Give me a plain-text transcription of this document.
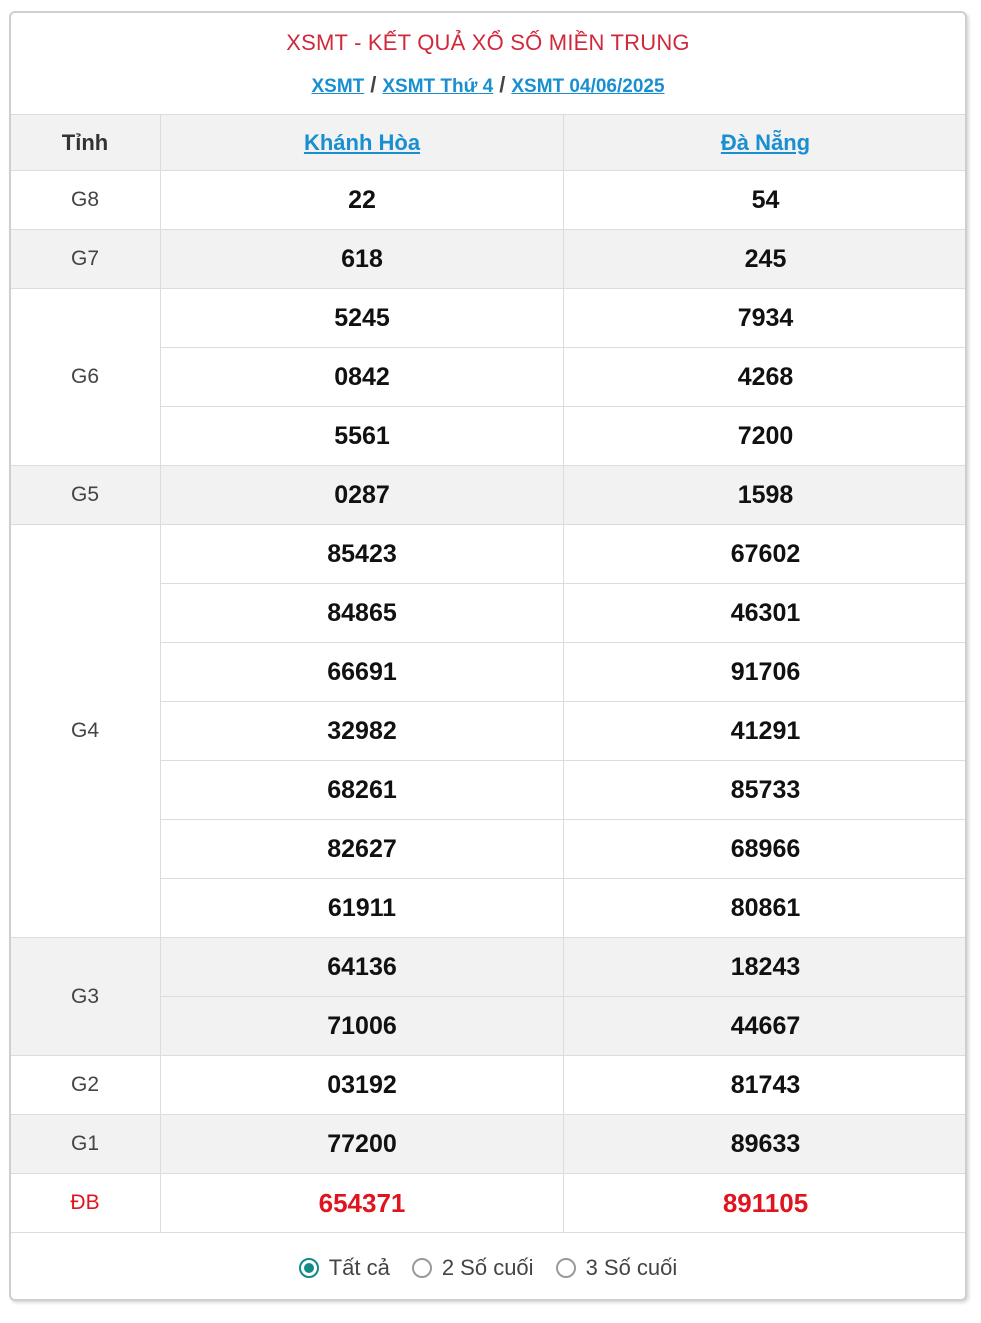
XSMT - KẾT QUẢ XỔ SỐ MIỀN TRUNG
XSMT / XSMT Thứ 4 / XSMT 04/06/2025
Tỉnh	Khánh Hòa	Đà Nẵng
G8	22	54
G7	618	245
G6	5245	7934
	0842	4268
	5561	7200
G5	0287	1598
G4	85423	67602
	84865	46301
	66691	91706
	32982	41291
	68261	85733
	82627	68966
	61911	80861
G3	64136	18243
	71006	44667
G2	03192	81743
G1	77200	89633
ĐB	654371	891105
Tất cả 2 Số cuối 3 Số cuối
